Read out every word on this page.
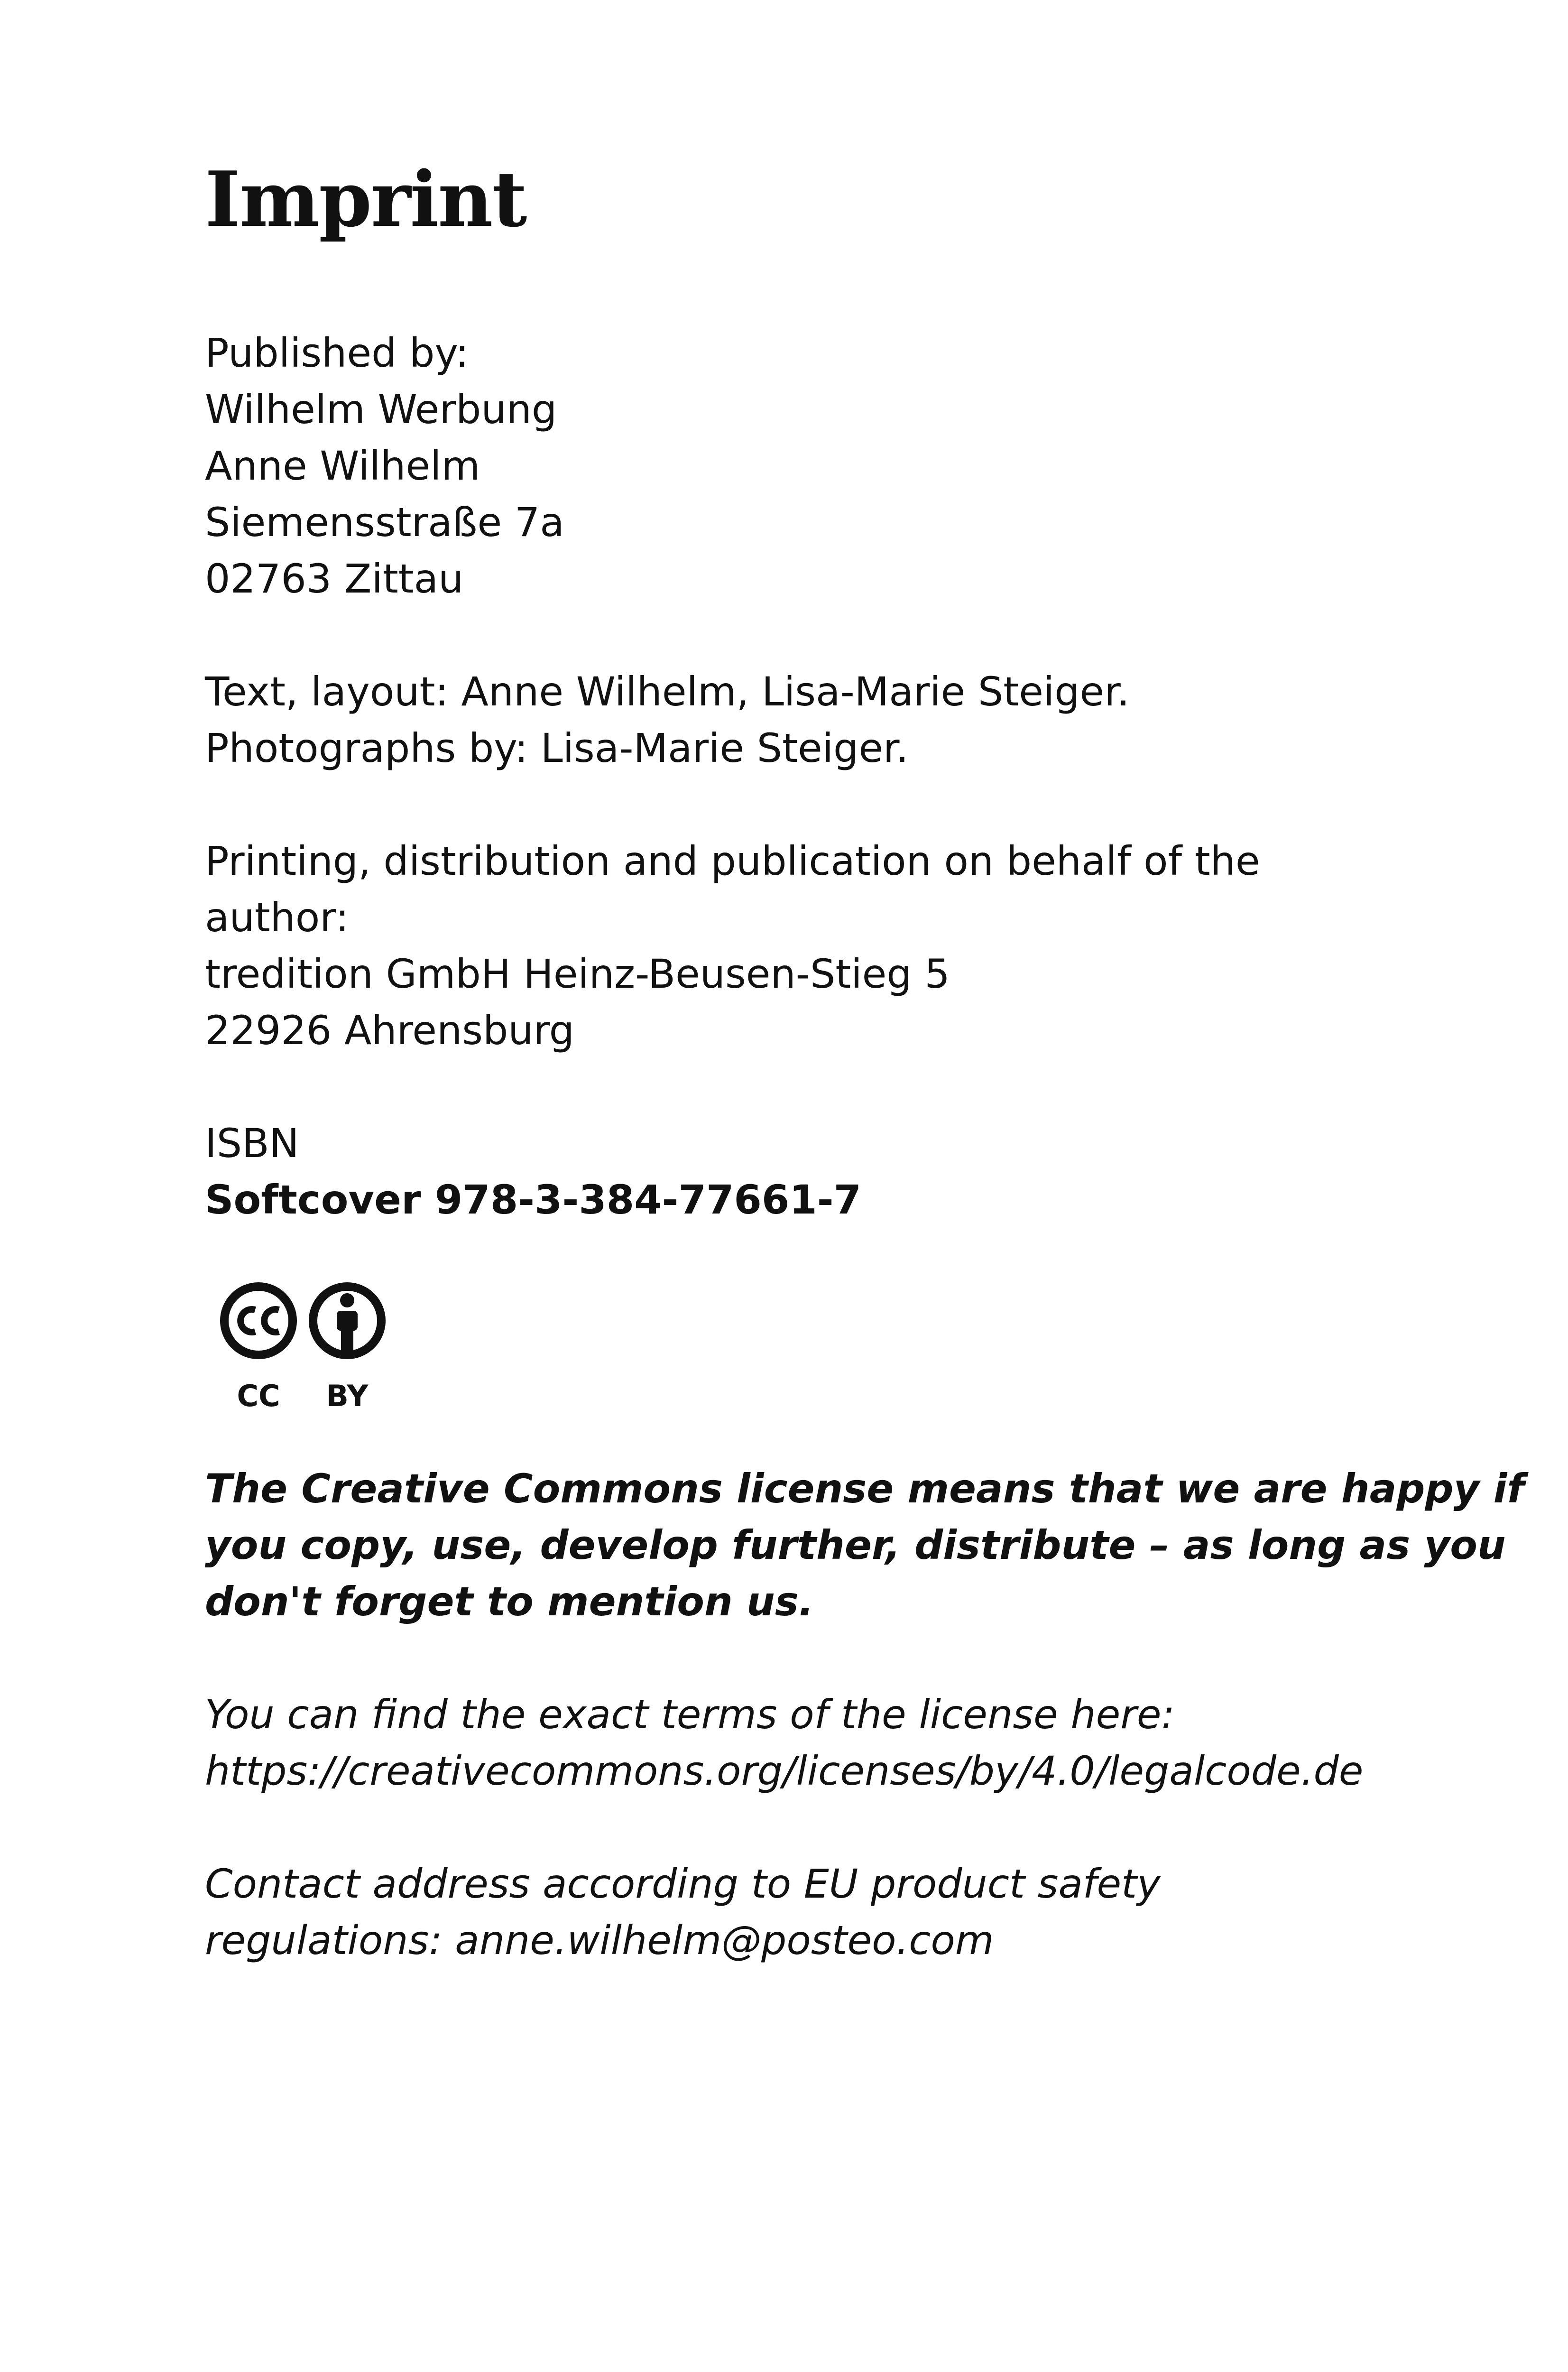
Imprint
Published by:
Wilhelm Werbung
Anne Wilhelm
Siemensstraße 7a
02763 Zittau
Text, layout: Anne Wilhelm, Lisa-Marie Steiger.
Photographs by: Lisa-Marie Steiger.
Printing, distribution and publication on behalf of the
author:
tredition GmbH Heinz-Beusen-Stieg 5
22926 Ahrensburg
ISBN
Softcover 978-3-384-77661-7
CC BY
The Creative Commons license means that we are happy if
you copy, use, develop further, distribute – as long as you
don't forget to mention us.
You can find the exact terms of the license here:
https://creativecommons.org/licenses/by/4.0/legalcode.de
Contact address according to EU product safety
regulations: anne.wilhelm@posteo.com
